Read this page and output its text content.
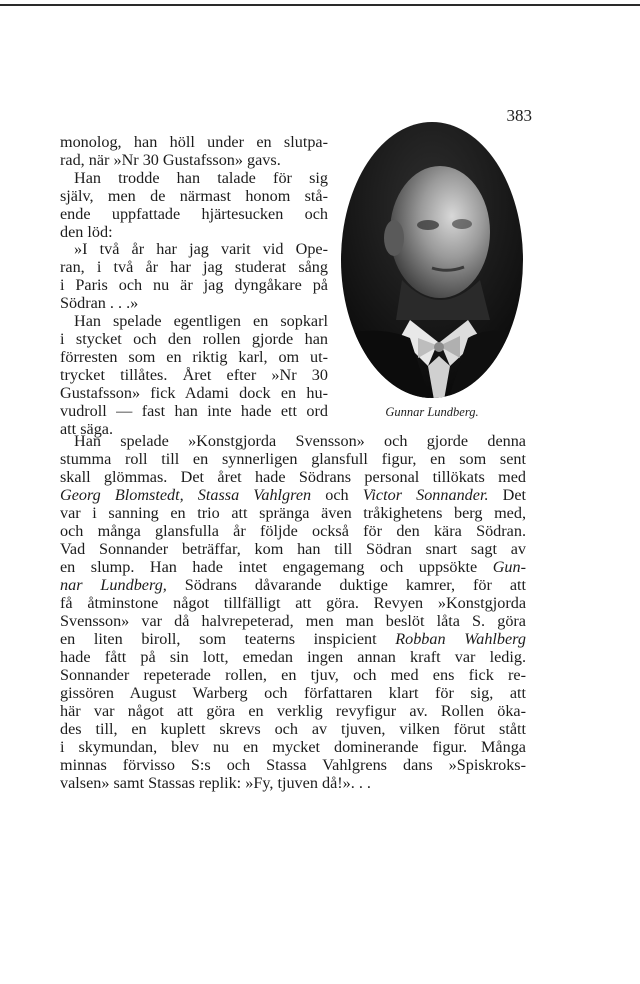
383
monolog, han höll under en slutpa-
rad, när »Nr 30 Gustafsson» gavs.
Han trodde han talade för sig
själv, men de närmast honom stå-
ende uppfattade hjärtesucken och
den löd:
»I två år har jag varit vid Ope-
ran, i två år har jag studerat sång
i Paris och nu är jag dyngåkare på
Södran . . .»
Han spelade egentligen en sopkarl
i stycket och den rollen gjorde han
förresten som en riktig karl, om ut-
trycket tillåtes. Året efter »Nr 30
Gustafsson» fick Adami dock en hu-
vudroll — fast han inte hade ett ord
att säga.
Gunnar Lundberg.
Han spelade »Konstgjorda Svensson» och gjorde denna
stumma roll till en synnerligen glansfull figur, en som sent
skall glömmas. Det året hade Södrans personal tillökats med
Georg Blomstedt, Stassa Vahlgren och Victor Sonnander. Det
var i sanning en trio att spränga även tråkighetens berg med,
och många glansfulla år följde också för den kära Södran.
Vad Sonnander beträffar, kom han till Södran snart sagt av
en slump. Han hade intet engagemang och uppsökte Gun-
nar Lundberg, Södrans dåvarande duktige kamrer, för att
få åtminstone något tillfälligt att göra. Revyen »Konstgjorda
Svensson» var då halvrepeterad, men man beslöt låta S. göra
en liten biroll, som teaterns inspicient Robban Wahlberg
hade fått på sin lott, emedan ingen annan kraft var ledig.
Sonnander repeterade rollen, en tjuv, och med ens fick re-
gissören August Warberg och författaren klart för sig, att
här var något att göra en verklig revyfigur av. Rollen öka-
des till, en kuplett skrevs och av tjuven, vilken förut stått
i skymundan, blev nu en mycket dominerande figur. Många
minnas förvisso S:s och Stassa Vahlgrens dans »Spiskroks-
valsen» samt Stassas replik: »Fy, tjuven då!». . .
